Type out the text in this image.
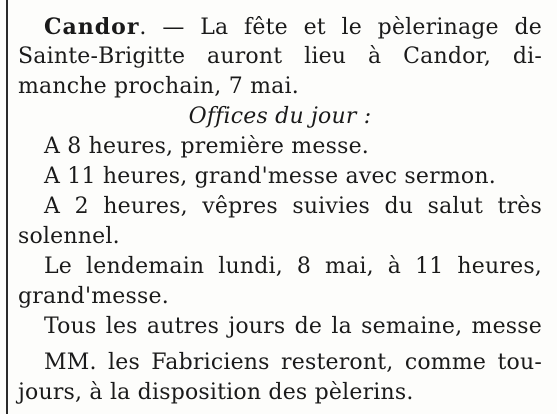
Candor. — La fête et le pèlerinage de
Sainte-Brigitte auront lieu à Candor, di-
manche prochain, 7 mai.
Offices du jour :
A 8 heures, première messe.
A 11 heures, grand'messe avec sermon.
A 2 heures, vêpres suivies du salut très
solennel.
Le lendemain lundi, 8 mai, à 11 heures,
grand'messe.
Tous les autres jours de la semaine, messe

MM. les Fabriciens resteront, comme tou-
jours, à la disposition des pèlerins.
